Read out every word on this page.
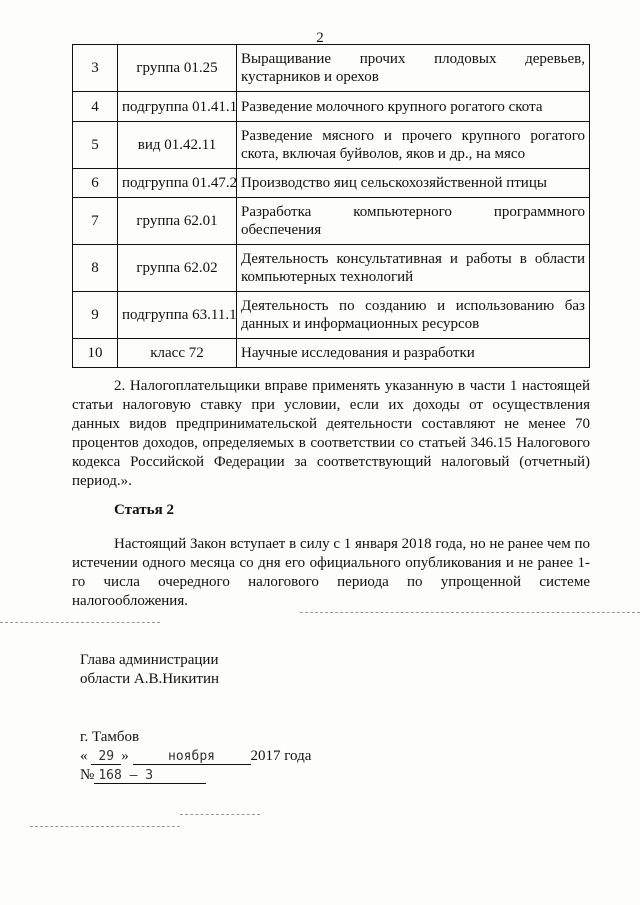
2
3	группа 01.25	Выращивание прочих плодовых деревьев, кустарников и орехов
4	подгруппа 01.41.1	Разведение молочного крупного рогатого скота
5	вид 01.42.11	Разведение мясного и прочего крупного рогатого скота, включая буйволов, яков и др., на мясо
6	подгруппа 01.47.2	Производство яиц сельскохозяйственной птицы
7	группа 62.01	Разработка компьютерного программного обеспечения
8	группа 62.02	Деятельность консультативная и работы в области компьютерных технологий
9	подгруппа 63.11.1	Деятельность по созданию и использованию баз данных и информационных ресурсов
10	класс 72	Научные исследования и разработки

2. Налогоплательщики вправе применять указанную в части 1 настоящей статьи налоговую ставку при условии, если их доходы от осуществления данных видов предпринимательской деятельности составляют не менее 70 процентов доходов, определяемых в соответствии со статьей 346.15 Налогового кодекса Российской Федерации за соответствующий налоговый (отчетный) период.».

Статья 2

Настоящий Закон вступает в силу с 1 января 2018 года, но не ранее чем по истечении одного месяца со дня его официального опубликования и не ранее 1-го числа очередного налогового периода по упрощенной системе налогообложения.

Глава администрации
области А.В.Никитин
г. Тамбов
« 29 »	ноября 2017 года
№ 168 – 3
